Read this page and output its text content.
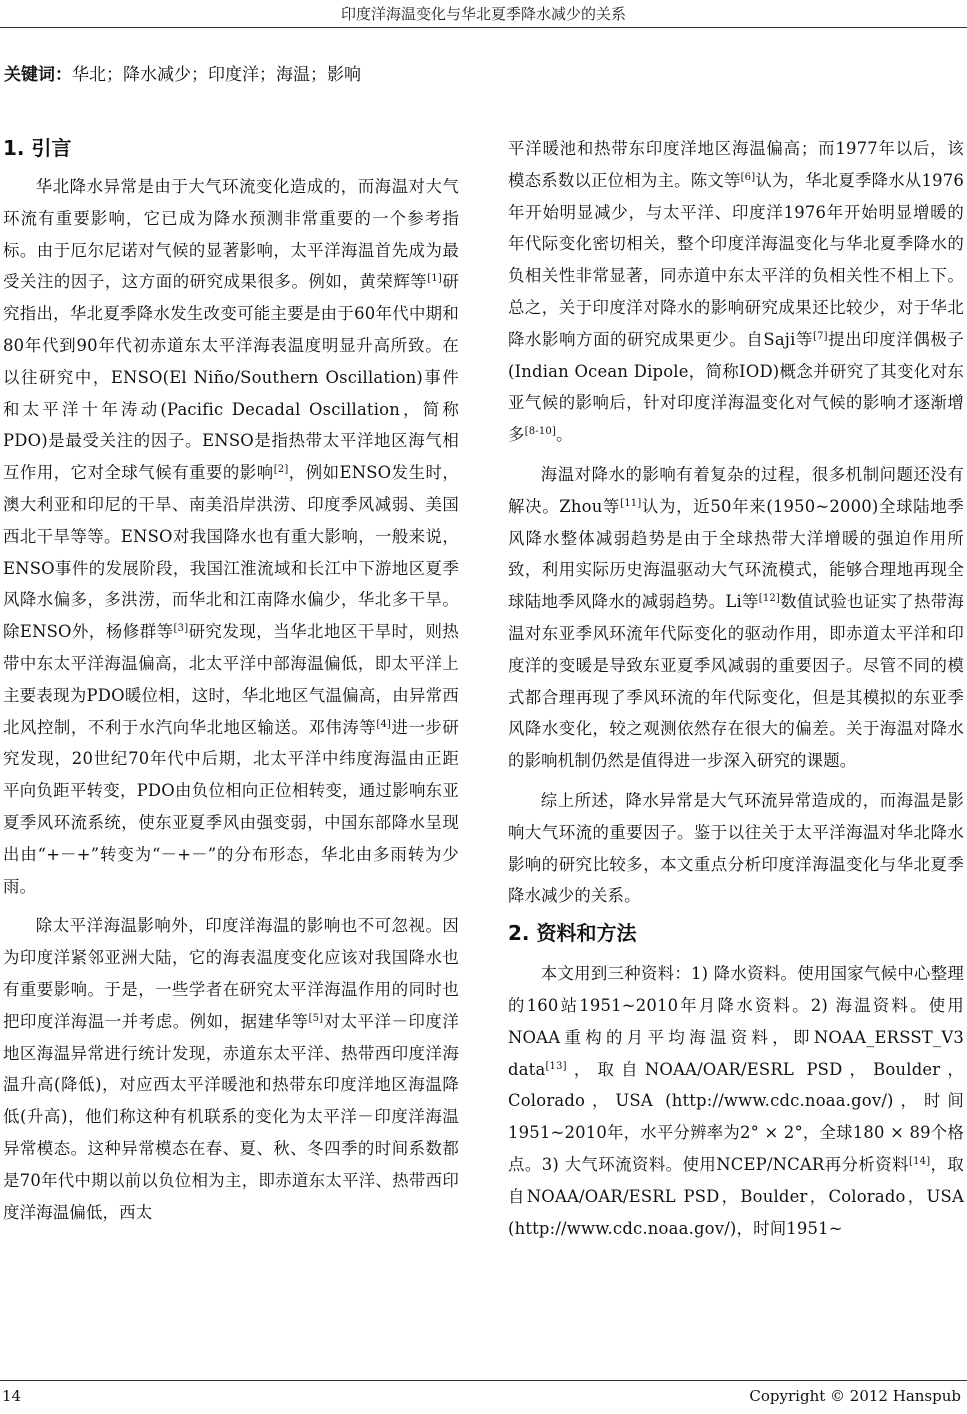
印度洋海温变化与华北夏季降水减少的关系
关键词：华北；降水减少；印度洋；海温；影响
1. 引言

华北降水异常是由于大气环流变化造成的，而海温对大气环流有重要影响，它已成为降水预测非常重要的一个参考指标。由于厄尔尼诺对气候的显著影响，太平洋海温首先成为最受关注的因子，这方面的研究成果很多。例如，黄荣辉等[1]研究指出，华北夏季降水发生改变可能主要是由于60年代中期和80年代到90年代初赤道东太平洋海表温度明显升高所致。在以往研究中，ENSO(El Niño/Southern Oscillation)事件和太平洋十年涛动(Pacific Decadal Oscillation，简称PDO)是最受关注的因子。ENSO是指热带太平洋地区海气相互作用，它对全球气候有重要的影响[2]，例如ENSO发生时，澳大利亚和印尼的干旱、南美沿岸洪涝、印度季风减弱、美国西北干旱等等。ENSO对我国降水也有重大影响，一般来说，ENSO事件的发展阶段，我国江淮流域和长江中下游地区夏季风降水偏多，多洪涝，而华北和江南降水偏少，华北多干旱。除ENSO外，杨修群等[3]研究发现，当华北地区干旱时，则热带中东太平洋海温偏高，北太平洋中部海温偏低，即太平洋上主要表现为PDO暖位相，这时，华北地区气温偏高，由异常西北风控制，不利于水汽向华北地区输送。邓伟涛等[4]进一步研究发现，20世纪70年代中后期，北太平洋中纬度海温由正距平向负距平转变，PDO由负位相向正位相转变，通过影响东亚夏季风环流系统，使东亚夏季风由强变弱，中国东部降水呈现出由“+－+”转变为“－+－”的分布形态，华北由多雨转为少雨。

除太平洋海温影响外，印度洋海温的影响也不可忽视。因为印度洋紧邻亚洲大陆，它的海表温度变化应该对我国降水也有重要影响。于是，一些学者在研究太平洋海温作用的同时也把印度洋海温一并考虑。例如，据建华等[5]对太平洋－印度洋地区海温异常进行统计发现，赤道东太平洋、热带西印度洋海温升高(降低)，对应西太平洋暖池和热带东印度洋地区海温降低(升高)，他们称这种有机联系的变化为太平洋－印度洋海温异常模态。这种异常模态在春、夏、秋、冬四季的时间系数都是70年代中期以前以负位相为主，即赤道东太平洋、热带西印度洋海温偏低，西太

平洋暖池和热带东印度洋地区海温偏高；而1977年以后，该模态系数以正位相为主。陈文等[6]认为，华北夏季降水从1976年开始明显减少，与太平洋、印度洋1976年开始明显增暖的年代际变化密切相关，整个印度洋海温变化与华北夏季降水的负相关性非常显著，同赤道中东太平洋的负相关性不相上下。总之，关于印度洋对降水的影响研究成果还比较少，对于华北降水影响方面的研究成果更少。自Saji等[7]提出印度洋偶极子(Indian Ocean Dipole，简称IOD)概念并研究了其变化对东亚气候的影响后，针对印度洋海温变化对气候的影响才逐渐增多[8-10]。

海温对降水的影响有着复杂的过程，很多机制问题还没有解决。Zhou等[11]认为，近50年来(1950~2000)全球陆地季风降水整体减弱趋势是由于全球热带大洋增暖的强迫作用所致，利用实际历史海温驱动大气环流模式，能够合理地再现全球陆地季风降水的减弱趋势。Li等[12]数值试验也证实了热带海温对东亚季风环流年代际变化的驱动作用，即赤道太平洋和印度洋的变暖是导致东亚夏季风减弱的重要因子。尽管不同的模式都合理再现了季风环流的年代际变化，但是其模拟的东亚季风降水变化，较之观测依然存在很大的偏差。关于海温对降水的影响机制仍然是值得进一步深入研究的课题。

综上所述，降水异常是大气环流异常造成的，而海温是影响大气环流的重要因子。鉴于以往关于太平洋海温对华北降水影响的研究比较多，本文重点分析印度洋海温变化与华北夏季降水减少的关系。

2. 资料和方法

本文用到三种资料：1) 降水资料。使用国家气候中心整理的160站1951~2010年月降水资料。2) 海温资料。使用NOAA重构的月平均海温资料，即NOAA_ERSST_V3 data[13]，取自NOAA/OAR/ESRL PSD，Boulder，Colorado，USA (http://www.cdc.noaa.gov/)，时间1951~2010年，水平分辨率为2° × 2°，全球180 × 89个格点。3) 大气环流资料。使用NCEP/NCAR再分析资料[14]，取自NOAA/OAR/ESRL PSD，Boulder，Colorado，USA (http://www.cdc.noaa.gov/)，时间1951~

14	Copyright © 2012 Hanspub
